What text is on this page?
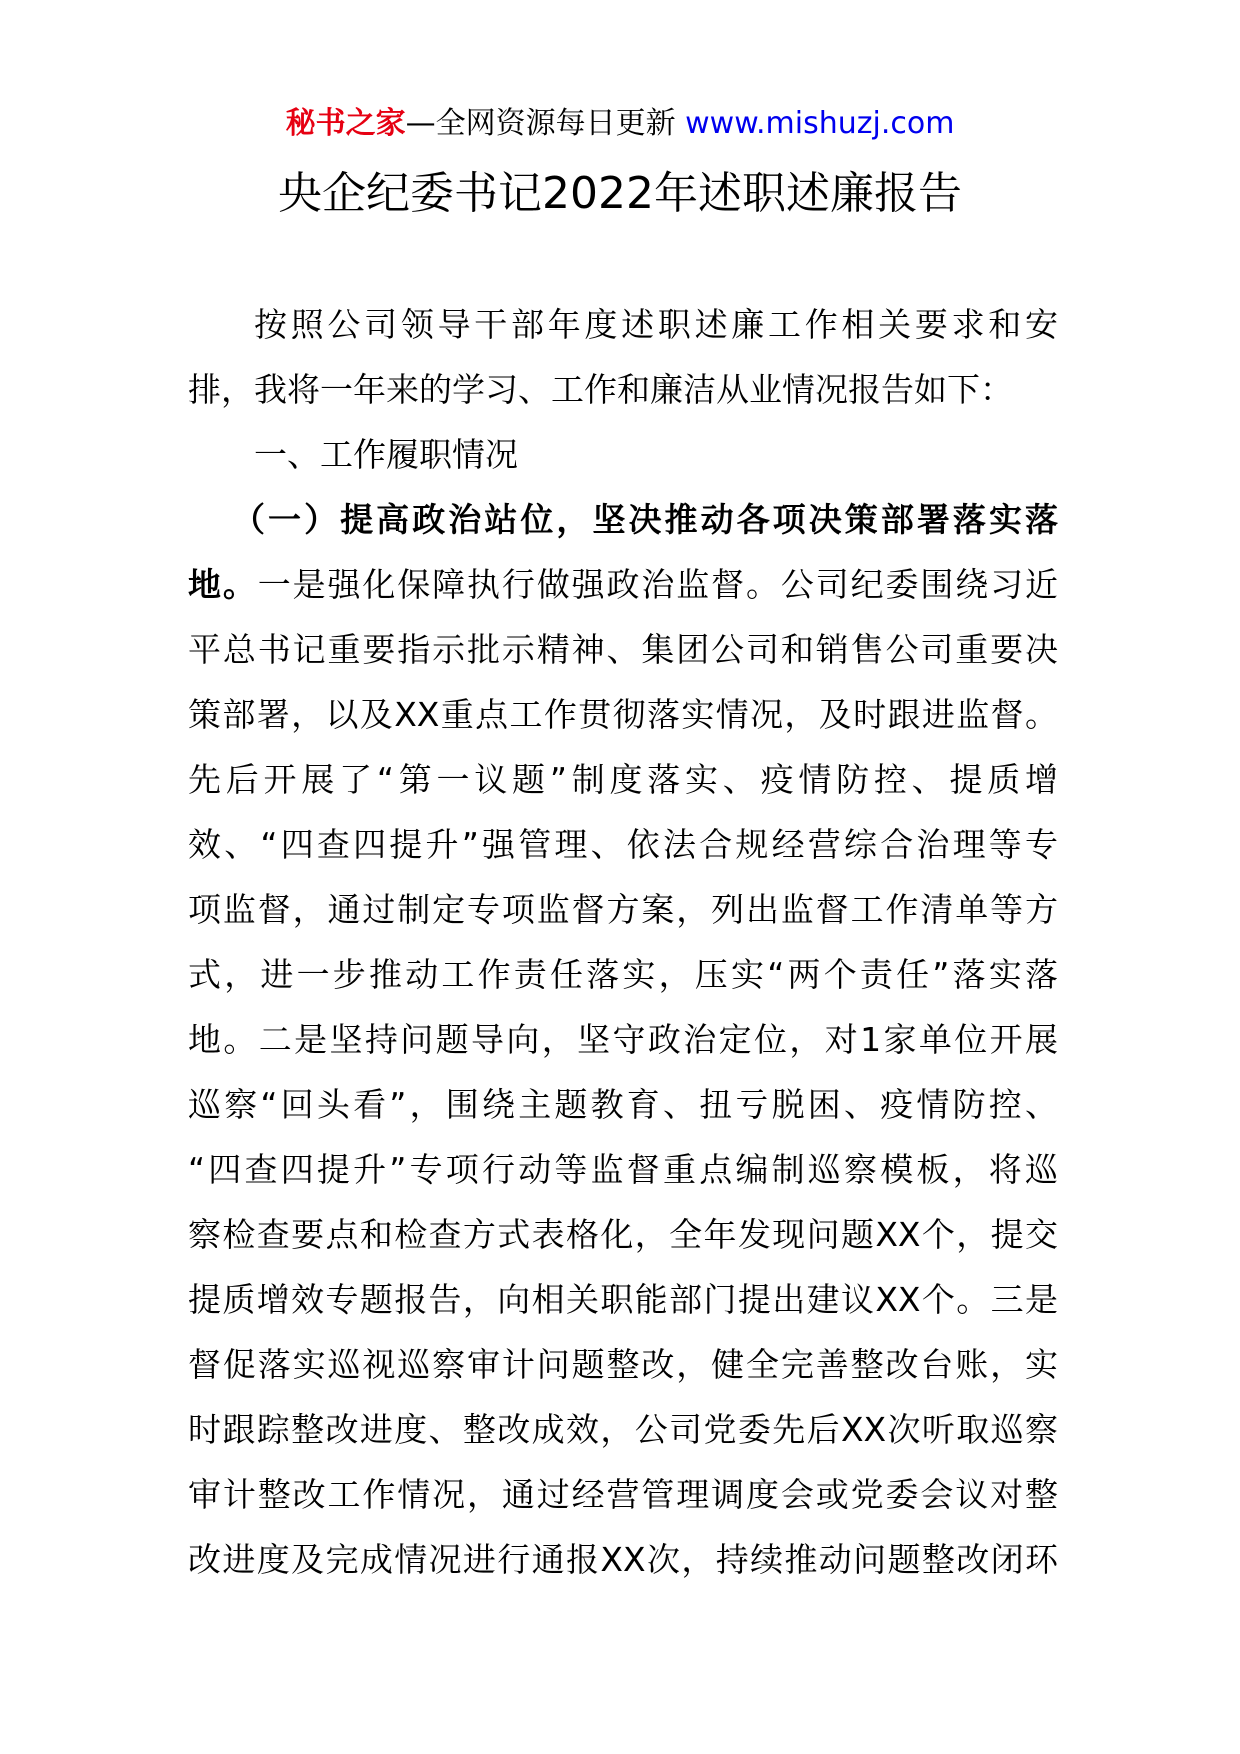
秘书之家—全网资源每日更新 www.mishuzj.com
央企纪委书记2022年述职述廉报告
按照公司领导干部年度述职述廉工作相关要求和安
排，我将一年来的学习、工作和廉洁从业情况报告如下：
一、工作履职情况
（一）提高政治站位，坚决推动各项决策部署落实落
地。一是强化保障执行做强政治监督。公司纪委围绕习近
平总书记重要指示批示精神、集团公司和销售公司重要决
策部署，以及XX重点工作贯彻落实情况，及时跟进监督。
先后开展了“第一议题”制度落实、疫情防控、提质增
效、“四查四提升”强管理、依法合规经营综合治理等专
项监督，通过制定专项监督方案，列出监督工作清单等方
式，进一步推动工作责任落实，压实“两个责任”落实落
地。二是坚持问题导向，坚守政治定位，对1家单位开展
巡察“回头看”，围绕主题教育、扭亏脱困、疫情防控、
“四查四提升”专项行动等监督重点编制巡察模板，将巡
察检查要点和检查方式表格化，全年发现问题XX个，提交
提质增效专题报告，向相关职能部门提出建议XX个。三是
督促落实巡视巡察审计问题整改，健全完善整改台账，实
时跟踪整改进度、整改成效，公司党委先后XX次听取巡察
审计整改工作情况，通过经营管理调度会或党委会议对整
改进度及完成情况进行通报XX次，持续推动问题整改闭环
